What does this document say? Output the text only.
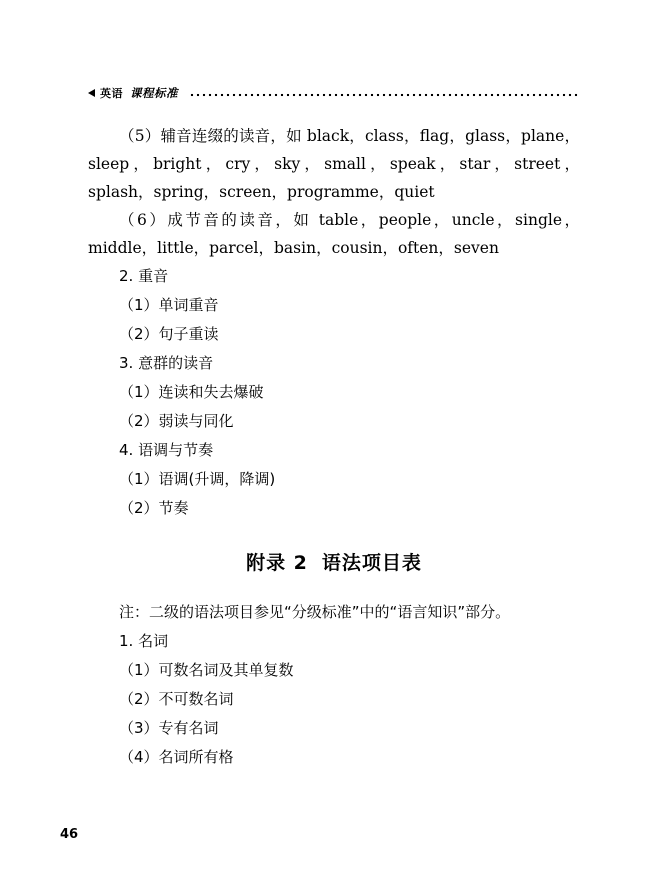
英语 课程标准

（5）辅音连缀的读音，如 black，class，flag，glass，plane，sleep，bright，cry，sky，small，speak，star，street，splash，spring，screen，programme，quiet

（6）成节音的读音，如 table，people，uncle，single，middle，little，parcel，basin，cousin，often，seven

2. 重音

（1）单词重音

（2）句子重读

3. 意群的读音

（1）连读和失去爆破

（2）弱读与同化

4. 语调与节奏

（1）语调(升调，降调)

（2）节奏

附录 2 语法项目表

注：二级的语法项目参见“分级标准”中的“语言知识”部分。

1. 名词

（1）可数名词及其单复数

（2）不可数名词

（3）专有名词

（4）名词所有格

46
